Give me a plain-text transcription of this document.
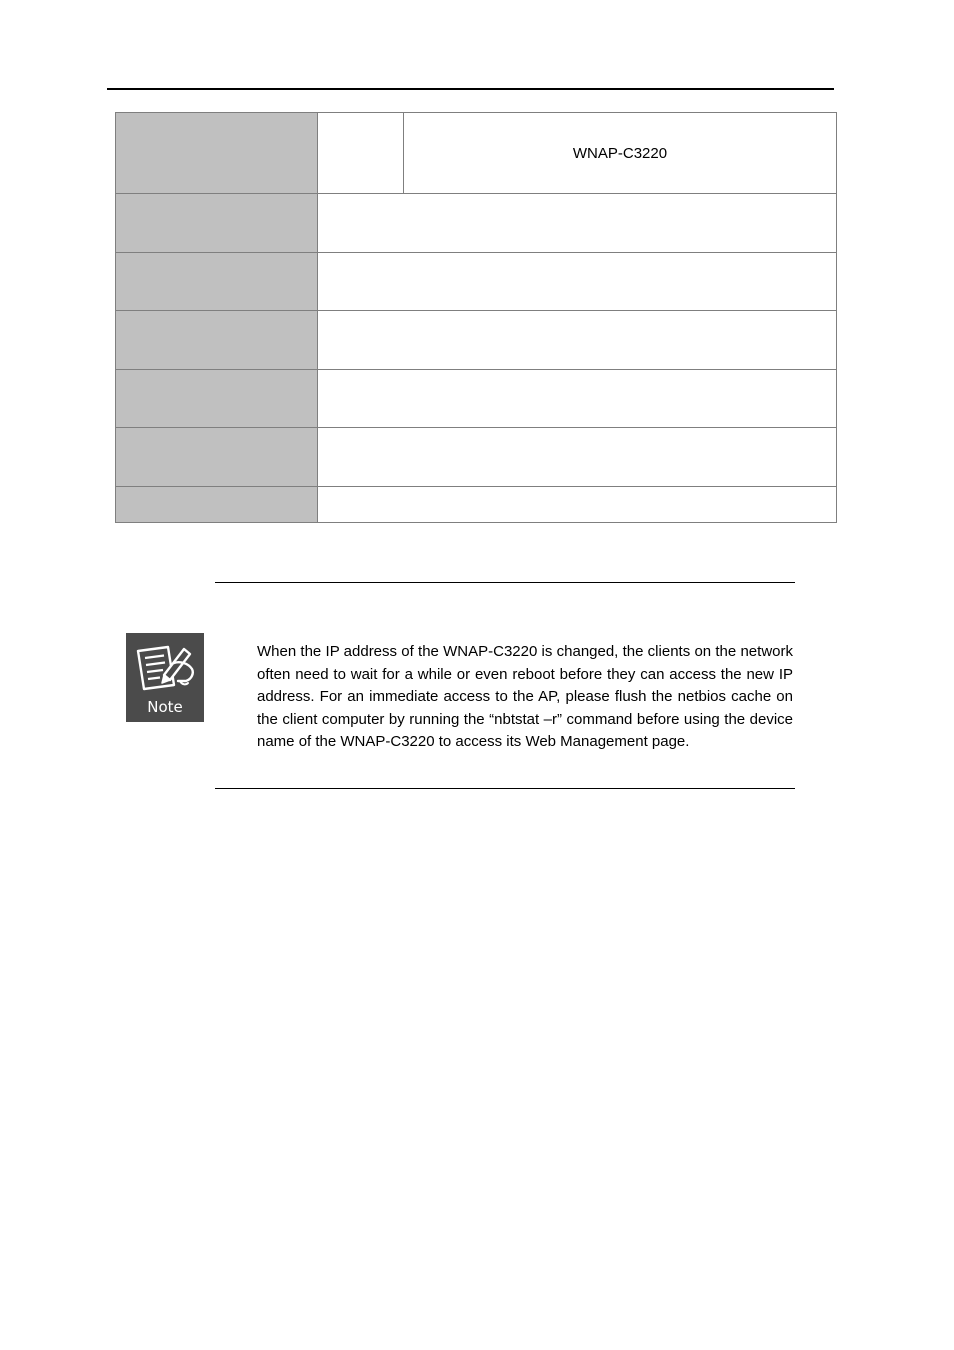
		WNAP-C3220

Note

When the IP address of the WNAP-C3220 is changed, the clients on the network often need to wait for a while or even reboot before they can access the new IP address. For an immediate access to the AP, please flush the netbios cache on the client computer by running the “nbtstat –r” command before using the device name of the WNAP-C3220 to access its Web Management page.
